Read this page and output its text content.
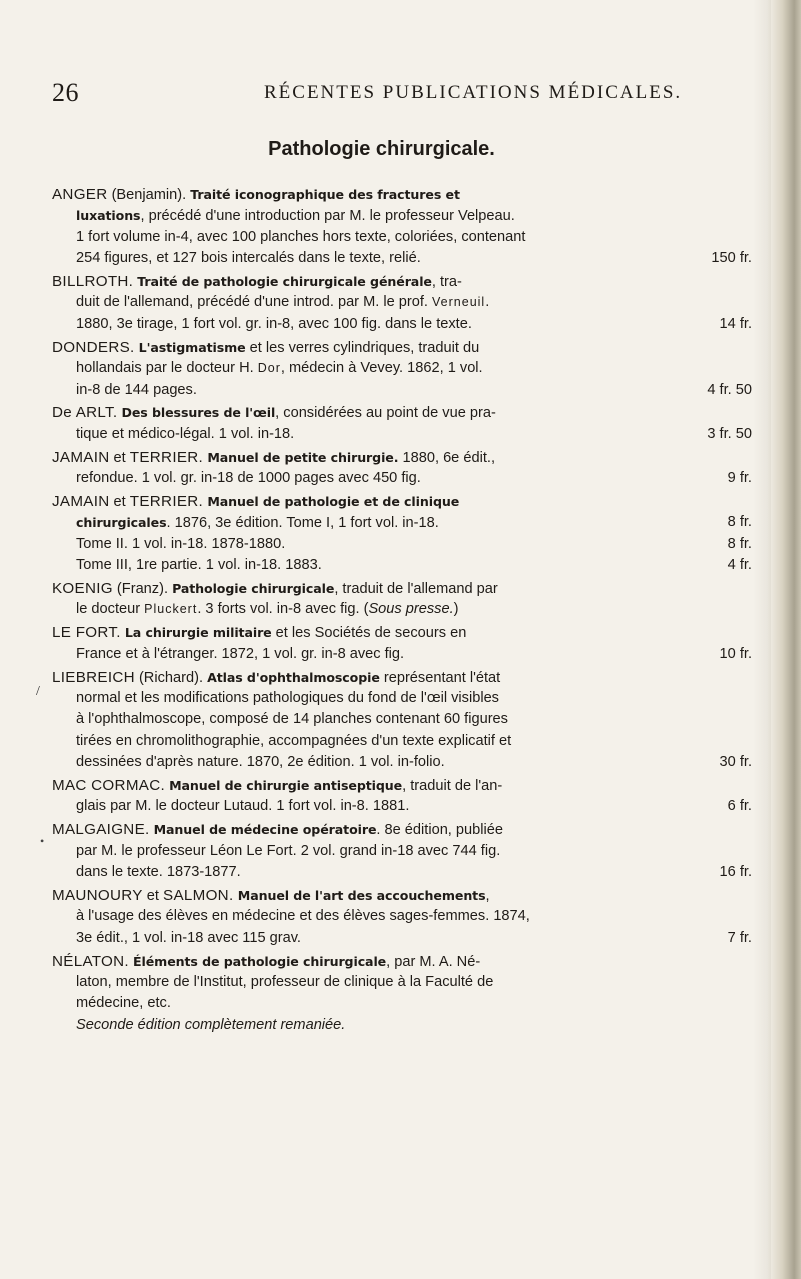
26	RÉCENTES PUBLICATIONS MÉDICALES.
Pathologie chirurgicale.
/
•
ANGER (Benjamin). Traité iconographique des fractures et
luxations, précédé d'une introduction par M. le professeur Velpeau.
1 fort volume in-4, avec 100 planches hors texte, coloriées, contenant
254 figures, et 127 bois intercalés dans le texte, relié.	150 fr.
BILLROTH. Traité de pathologie chirurgicale générale, tra-
duit de l'allemand, précédé d'une introd. par M. le prof. Verneuil.
1880, 3e tirage, 1 fort vol. gr. in-8, avec 100 fig. dans le texte.	14 fr.
DONDERS. L'astigmatisme et les verres cylindriques, traduit du
hollandais par le docteur H. Dor, médecin à Vevey. 1862, 1 vol.
in-8 de 144 pages.	4 fr. 50
De ARLT. Des blessures de l'œil, considérées au point de vue pra-
tique et médico-légal. 1 vol. in-18.	3 fr. 50
JAMAIN et TERRIER. Manuel de petite chirurgie. 1880, 6e édit.,
refondue. 1 vol. gr. in-18 de 1000 pages avec 450 fig.	9 fr.
JAMAIN et TERRIER. Manuel de pathologie et de clinique
chirurgicales. 1876, 3e édition. Tome I, 1 fort vol. in-18.	8 fr.
Tome II. 1 vol. in-18. 1878-1880.	8 fr.
Tome III, 1re partie. 1 vol. in-18. 1883.	4 fr.
KOENIG (Franz). Pathologie chirurgicale, traduit de l'allemand par
le docteur Pluckert. 3 forts vol. in-8 avec fig. (Sous presse.)
LE FORT. La chirurgie militaire et les Sociétés de secours en
France et à l'étranger. 1872, 1 vol. gr. in-8 avec fig.	10 fr.
LIEBREICH (Richard). Atlas d'ophthalmoscopie représentant l'état
normal et les modifications pathologiques du fond de l'œil visibles
à l'ophthalmoscope, composé de 14 planches contenant 60 figures
tirées en chromolithographie, accompagnées d'un texte explicatif et
dessinées d'après nature. 1870, 2e édition. 1 vol. in-folio.	30 fr.
MAC CORMAC. Manuel de chirurgie antiseptique, traduit de l'an-
glais par M. le docteur Lutaud. 1 fort vol. in-8. 1881.	6 fr.
MALGAIGNE. Manuel de médecine opératoire. 8e édition, publiée
par M. le professeur Léon Le Fort. 2 vol. grand in-18 avec 744 fig.
dans le texte. 1873-1877.	16 fr.
MAUNOURY et SALMON. Manuel de l'art des accouchements,
à l'usage des élèves en médecine et des élèves sages-femmes. 1874,
3e édit., 1 vol. in-18 avec 115 grav.	7 fr.
NÉLATON. Éléments de pathologie chirurgicale, par M. A. Né-
laton, membre de l'Institut, professeur de clinique à la Faculté de
médecine, etc.
Seconde édition complètement remaniée.
